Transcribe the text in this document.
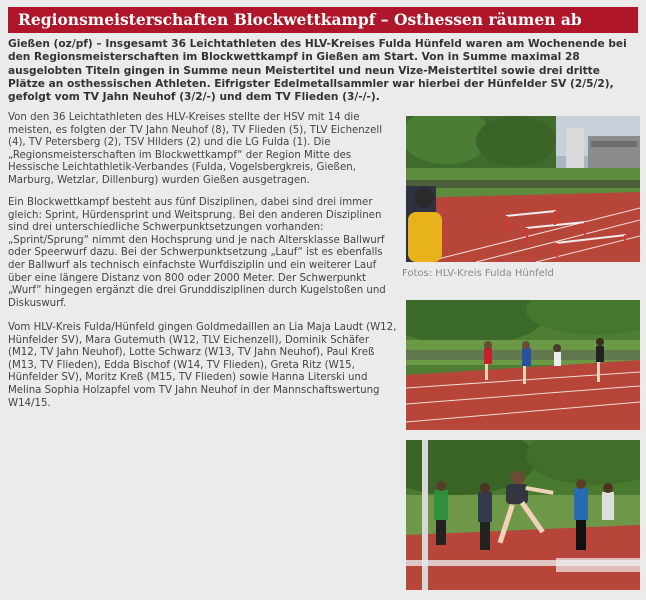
Regionsmeisterschaften Blockwettkampf – Osthessen räumen ab
Gießen (oz/pf) – Insgesamt 36 Leichtathleten des HLV-Kreises Fulda Hünfeld waren am Wochenende bei den Regionsmeisterschaften im Blockwettkampf in Gießen am Start. Von in Summe maximal 28 ausgelobten Titeln gingen in Summe neun Meistertitel und neun Vize-Meistertitel sowie drei dritte Plätze an osthessischen Athleten. Eifrigster Edelmetallsammler war hierbei der Hünfelder SV (2/5/2), gefolgt vom TV Jahn Neuhof (3/2/-) und dem TV Flieden (3/-/-).
Von den 36 Leichtathleten des HLV-Kreises stellte der HSV mit 14 die meisten, es folgten der TV Jahn Neuhof (8), TV Flieden (5), TLV Eichenzell (4), TV Petersberg (2), TSV Hilders (2) und die LG Fulda (1). Die „Regionsmeisterschaften im Blockwettkampf“ der Region Mitte des Hessische Leichtathletik-Verbandes (Fulda, Vogelsbergkreis, Gießen, Marburg, Wetzlar, Dillenburg) wurden Gießen ausgetragen.
Ein Blockwettkampf besteht aus fünf Disziplinen, dabei sind drei immer gleich: Sprint, Hürdensprint und Weitsprung. Bei den anderen Disziplinen sind drei unterschiedliche Schwerpunktsetzungen vorhanden: „Sprint/Sprung“ nimmt den Hochsprung und je nach Altersklasse Ballwurf oder Speerwurf dazu. Bei der Schwerpunktsetzung „Lauf“ ist es ebenfalls der Ballwurf als technisch einfachste Wurfdisziplin und ein weiterer Lauf über eine längere Distanz von 800 oder 2000 Meter. Der Schwerpunkt „Wurf“ hingegen ergänzt die drei Grunddisziplinen durch Kugelstoßen und Diskuswurf.
Vom HLV-Kreis Fulda/Hünfeld gingen Goldmedaillen an Lia Maja Laudt (W12, Hünfelder SV), Mara Gutemuth (W12, TLV Eichenzell), Dominik Schäfer (M12, TV Jahn Neuhof), Lotte Schwarz (W13, TV Jahn Neuhof), Paul Kreß (M13, TV Flieden), Edda Bischof (W14, TV Flieden), Greta Ritz (W15, Hünfelder SV), Moritz Kreß (M15, TV Flieden) sowie Hanna Literski und Melina Sophia Holzapfel vom TV Jahn Neuhof in der Mannschaftswertung W14/15.
Fotos: HLV-Kreis Fulda Hünfeld
